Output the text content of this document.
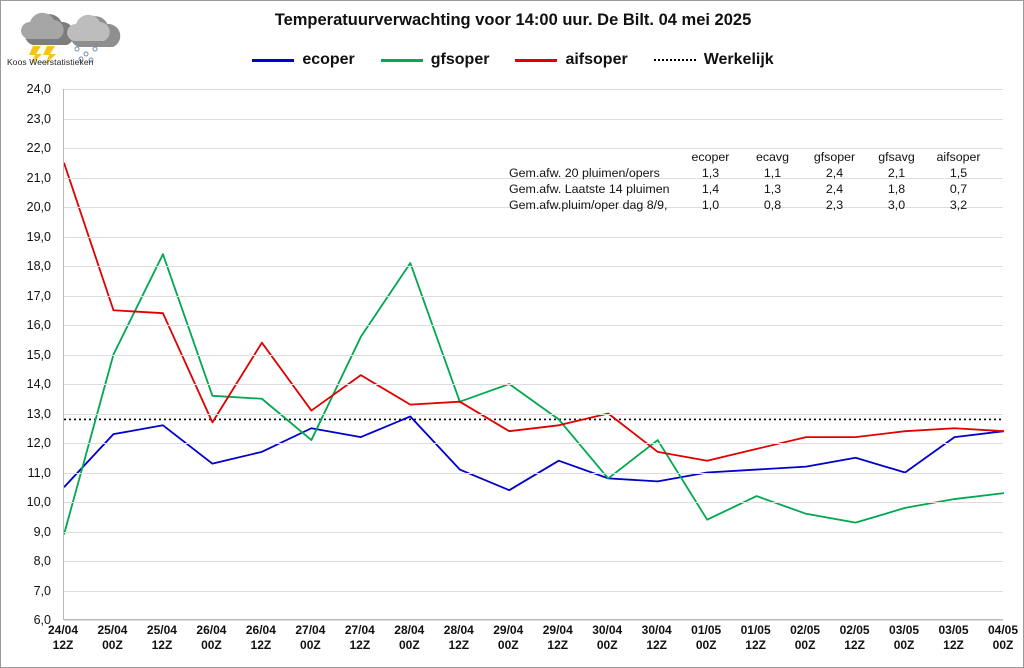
Koos Weerstatistieken
Temperatuurverwachting voor 14:00 uur. De Bilt. 04 mei 2025
ecoper	gfsoper	aifsoper	Werkelijk
6,0
7,0
8,0
9,0
10,0
11,0
12,0
13,0
14,0
15,0
16,0
17,0
18,0
19,0
20,0
21,0
22,0
23,0
24,0
24/04
12Z
25/04
00Z
25/04
12Z
26/04
00Z
26/04
12Z
27/04
00Z
27/04
12Z
28/04
00Z
28/04
12Z
29/04
00Z
29/04
12Z
30/04
00Z
30/04
12Z
01/05
00Z
01/05
12Z
02/05
00Z
02/05
12Z
03/05
00Z
03/05
12Z
04/05
00Z
	ecoper	ecavg	gfsoper	gfsavg	aifsoper
Gem.afw. 20 pluimen/opers	1,3	1,1	2,4	2,1	1,5
Gem.afw. Laatste 14 pluimen	1,4	1,3	2,4	1,8	0,7
Gem.afw.pluim/oper dag 8/9,	1,0	0,8	2,3	3,0	3,2
